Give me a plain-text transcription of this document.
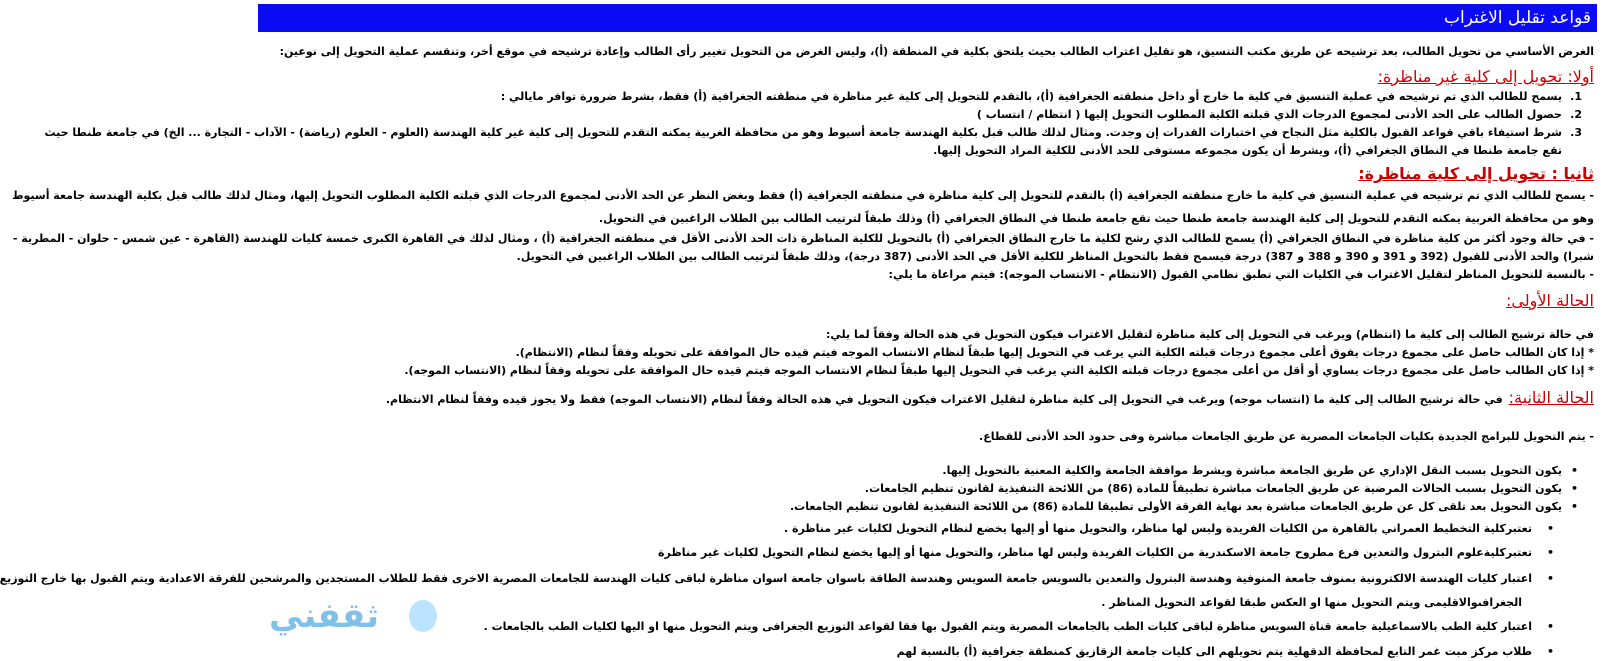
قواعد تقليل الاغتراب
الغرض الأساسي من تحويل الطالب، بعد ترشيحه عن طريق مكتب التنسيق، هو تقليل اغتراب الطالب بحيث يلتحق بكلية في المنطقة (أ)، وليس الغرض من التحويل تغيير رأى الطالب وإعادة ترشيحه في موقع أخر، وتنقسم عملية التحويل إلى نوعين:
أولا: تحويل إلى كلية غير مناظرة:
1.يسمح للطالب الذي تم ترشيحه في عملية التنسيق في كلية ما خارج أو داخل منطقته الجغرافية (أ)، بالتقدم للتحويل إلى كلية غير مناظرة في منطقته الجغرافية (أ) فقط، بشرط ضرورة توافر مايالي :
2.حصول الطالب على الحد الأدنى لمجموع الدرجات الذي قبلته الكلية المطلوب التحويل إليها ( انتظام / انتساب )
3.شرط استيفاء باقي قواعد القبول بالكلية مثل النجاح في اختبارات القدرات إن وجدت. ومثال لذلك طالب قبل بكلية الهندسة جامعة أسيوط وهو من محافظة الغربية يمكنه التقدم للتحويل إلى كلية غير كلية الهندسة (العلوم - العلوم (رياضة) - الآداب - التجارة ... الخ) في جامعة طنطا حيث
تقع جامعة طنطا في النطاق الجغرافي (أ)، ويشرط أن يكون مجموعه مستوفى للحد الأدنى للكلية المراد التحويل إليها.
ثانيا : تحويل إلى كلية مناظرة:
- يسمح للطالب الذي تم ترشيحه في عملية التنسيق في كلية ما خارج منطقته الجغرافية (أ) بالتقدم للتحويل إلى كلية مناظرة في منطقته الجغرافية (أ) فقط وبغض النظر عن الحد الأدنى لمجموع الدرجات الذي قبلته الكلية المطلوب التحويل إليها، ومثال لذلك طالب قبل بكلية الهندسة جامعة أسيوط
وهو من محافظة الغربية يمكنه التقدم للتحويل إلى كلية الهندسة جامعة طنطا حيث تقع جامعة طنطا في النطاق الجغرافي (أ) وذلك طبقاً لترتيب الطالب بين الطلاب الراغبين في التحويل.
- في حالة وجود أكثر من كلية مناظرة في النطاق الجغرافي (أ) يسمح للطالب الذي رشح لكلية ما خارج النطاق الجغرافي (أ) بالتحويل للكلية المناظرة ذات الحد الأدنى الأقل في منطقته الجغرافية (أ) ، ومثال لذلك في القاهرة الكبرى خمسة كليات للهندسة (القاهرة - عين شمس - حلوان - المطرية -
شبرا) والحد الأدنى للقبول (392 و 391 و 390 و 388 و 387) درجة فيسمح فقط بالتحويل المناظر للكلية الأقل في الحد الأدنى (387 درجة)، وذلك طبقاً لترتيب الطالب بين الطلاب الراغبين في التحويل.
- بالنسبة للتحويل المناظر لتقليل الاغتراب في الكليات التي تطبق نظامي القبول (الانتظام - الانتساب الموجه): فيتم مراعاة ما يلي:
الحالة الأولى:
في حالة ترشيح الطالب إلى كلية ما (انتظام) ويرغب في التحويل إلى كلية مناظرة لتقليل الاغتراب فيكون التحويل في هذه الحالة وفقاً لما يلي:
* إذا كان الطالب حاصل على مجموع درجات يفوق أعلى مجموع درجات قبلته الكلية التي يرغب في التحويل إليها طبقاً لنظام الانتساب الموجه فيتم قيده حال الموافقة على تحويله وفقاً لنظام (الانتظام).
* إذا كان الطالب حاصل على مجموع درجات يساوي أو أقل من أعلى مجموع درجات قبلته الكلية التي يرغب في التحويل إليها طبقاً لنظام الانتساب الموجه فيتم قيده حال الموافقة على تحويله وفقاً لنظام (الانتساب الموجه).
الحالة الثانية:في حالة ترشيح الطالب إلى كلية ما (انتساب موجه) ويرغب في التحويل إلى كلية مناظرة لتقليل الاغتراب فيكون التحويل في هذه الحالة وفقاً لنظام (الانتساب الموجه) فقط ولا يجوز قيده وفقاً لنظام الانتظام.
- يتم التحويل للبرامج الجديدة بكليات الجامعات المصرية عن طريق الجامعات مباشرة وفى حدود الحد الأدنى للقطاع.
•يكون التحويل بسبب النقل الإداري عن طريق الجامعة مباشرة ويشرط موافقة الجامعة والكلية المعنية بالتحويل إليها.
•يكون التحويل بسبب الحالات المرضية عن طريق الجامعات مباشرة تطبيقاً للمادة (86) من اللائحة التنفيذية لقانون تنظيم الجامعات.
•يكون التحويل بعد تلقى كل عن طريق الجامعات مباشرة بعد نهاية الفرقة الأولى تطبيقا للمادة (86) من اللائحة التنفيذية لقانون تنظيم الجامعات.
•تعتبركلية التخطيط العمراني بالقاهرة من الكليات الفريدة وليس لها مناظر، والتحويل منها أو إليها يخضع لنظام التحويل لكليات غير مناظرة .
•تعتبركليةعلوم البترول والتعدين فرع مطروح جامعة الاسكندرية من الكليات الفريدة وليس لها مناظر، والتحويل منها أو إليها يخضع لنظام التحويل لكليات غير مناظرة
•اعتبار كليات الهندسة الالكترونية بمنوف جامعة المنوفية وهندسة البترول والتعدين بالسويس جامعة السويس وهندسة الطاقة باسوان جامعة اسوان مناظرة لباقى كليات الهندسة للجامعات المصرية الاخرى فقط للطلاب المستجدين والمرشحين للفرقة الاعدادية ويتم القبول بها خارج التوزيع
الجغرافىوالاقليمى ويتم التحويل منها او العكس طبقا لقواعد التحويل المناظر .
•اعتبار كلية الطب بالاسماعيلية جامعة قناة السويس مناظرة لباقى كليات الطب بالجامعات المصرية ويتم القبول بها فقا لقواعد التوزيع الجغرافى ويتم التحويل منها او اليها لكليات الطب بالجامعات .
•طلاب مركز مبت غمر التابع لمحافظة الدقهلية يتم تحويلهم الى كليات جامعة الزقازيق كمنطقة جغرافية (أ) بالنسبة لهم
ثقفني
